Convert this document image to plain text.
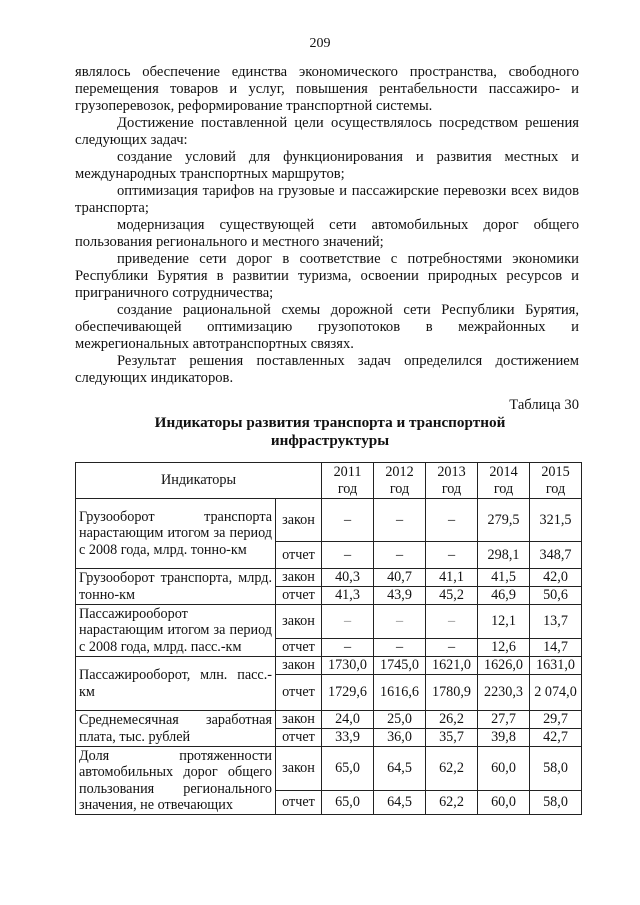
209

являлось обеспечение единства экономического пространства, свободного перемещения товаров и услуг, повышения рентабельности пассажиро- и грузоперевозок, реформирование транспортной системы.

Достижение поставленной цели осуществлялось посредством решения следующих задач:

создание условий для функционирования и развития местных и международных транспортных маршрутов;

оптимизация тарифов на грузовые и пассажирские перевозки всех видов транспорта;

модернизация существующей сети автомобильных дорог общего пользования регионального и местного значений;

приведение сети дорог в соответствие с потребностями экономики Республики Бурятия в развитии туризма, освоении природных ресурсов и приграничного сотрудничества;

создание рациональной схемы дорожной сети Республики Бурятия, обеспечивающей оптимизацию грузопотоков в межрайонных и межрегиональных автотранспортных связях.

Результат решения поставленных задач определился достижением следующих индикаторов.

Таблица 30
Индикаторы развития транспорта и транспортной инфраструктуры
Индикаторы		2011 год	2012 год	2013 год	2014 год	2015 год
Грузооборот транспорта нарастающим итогом за период с 2008 года, млрд. тонно-км	закон	–	–	–	279,5	321,5
	отчет	–	–	–	298,1	348,7
Грузооборот транспорта, млрд. тонно-км	закон	40,3	40,7	41,1	41,5	42,0
	отчет	41,3	43,9	45,2	46,9	50,6
Пассажирооборот нарастающим итогом за период с 2008 года, млрд. пасс.-км	закон	–	–	–	12,1	13,7
	отчет	–	–	–	12,6	14,7
Пассажирооборот, млн. пасс.-км	закон	1730,0	1745,0	1621,0	1626,0	1631,0
	отчет	1729,6	1616,6	1780,9	2230,3	2 074,0
Среднемесячная заработная плата, тыс. рублей	закон	24,0	25,0	26,2	27,7	29,7
	отчет	33,9	36,0	35,7	39,8	42,7
Доля протяженности автомобильных дорог общего пользования регионального значения, не отвечающих	закон	65,0	64,5	62,2	60,0	58,0
	отчет	65,0	64,5	62,2	60,0	58,0
